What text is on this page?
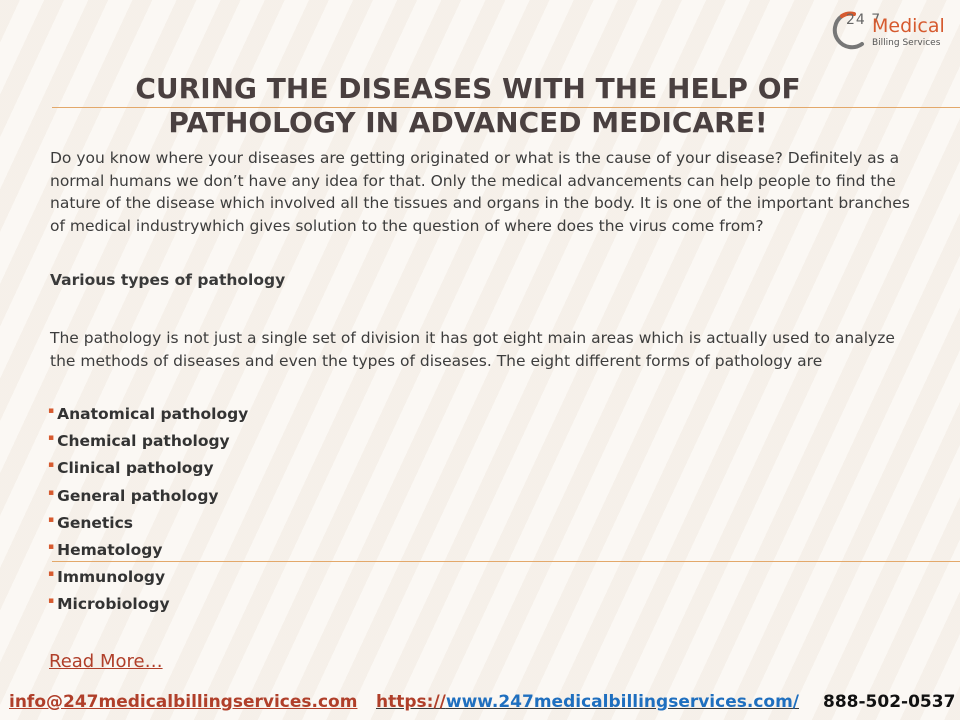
24 7
Medical
Billing Services
CURING THE DISEASES WITH THE HELP OF PATHOLOGY IN ADVANCED MEDICARE!

Do you know where your diseases are getting originated or what is the cause of your disease? Definitely as a normal humans we don’t have any idea for that. Only the medical advancements can help people to find the nature of the disease which involved all the tissues and organs in the body. It is one of the important branches of medical industrywhich gives solution to the question of where does the virus come from?

Various types of pathology

The pathology is not just a single set of division it has got eight main areas which is actually used to analyze the methods of diseases and even the types of diseases. The eight different forms of pathology are

▪ Anatomical pathology
▪ Chemical pathology
▪ Clinical pathology
▪ General pathology
▪ Genetics
▪ Hematology
▪ Immunology
▪ Microbiology
Read More…
info@247medicalbillingservices.com https://www.247medicalbillingservices.com/ 888-502-0537
